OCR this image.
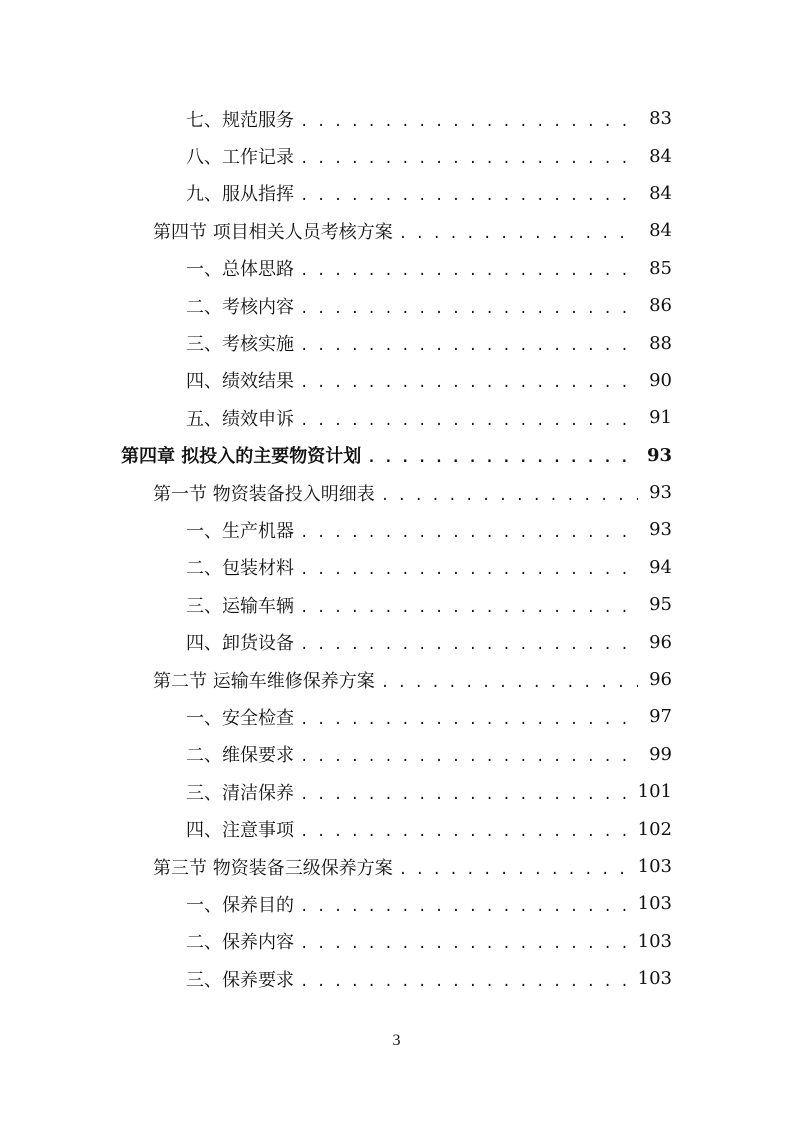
七、规范服务 . . .	83
八、工作记录 . . .	84
九、服从指挥 . . .	84
第四节 项目相关人员考核方案 . . .	84
一、总体思路 . . .	85
二、考核内容 . . .	86
三、考核实施 . . .	88
四、绩效结果 . . .	90
五、绩效申诉 . . .	91
第四章 拟投入的主要物资计划 . . .	93
第一节 物资装备投入明细表 . . .	93
一、生产机器 . . .	93
二、包装材料 . . .	94
三、运输车辆 . . .	95
四、卸货设备 . . .	96
第二节 运输车维修保养方案 . . .	96
一、安全检查 . . .	97
二、维保要求 . . .	99
三、清洁保养 . . .	101
四、注意事项 . . .	102
第三节 物资装备三级保养方案 . . .	103
一、保养目的 . . .	103
二、保养内容 . . .	103
三、保养要求 . . .	103
3
